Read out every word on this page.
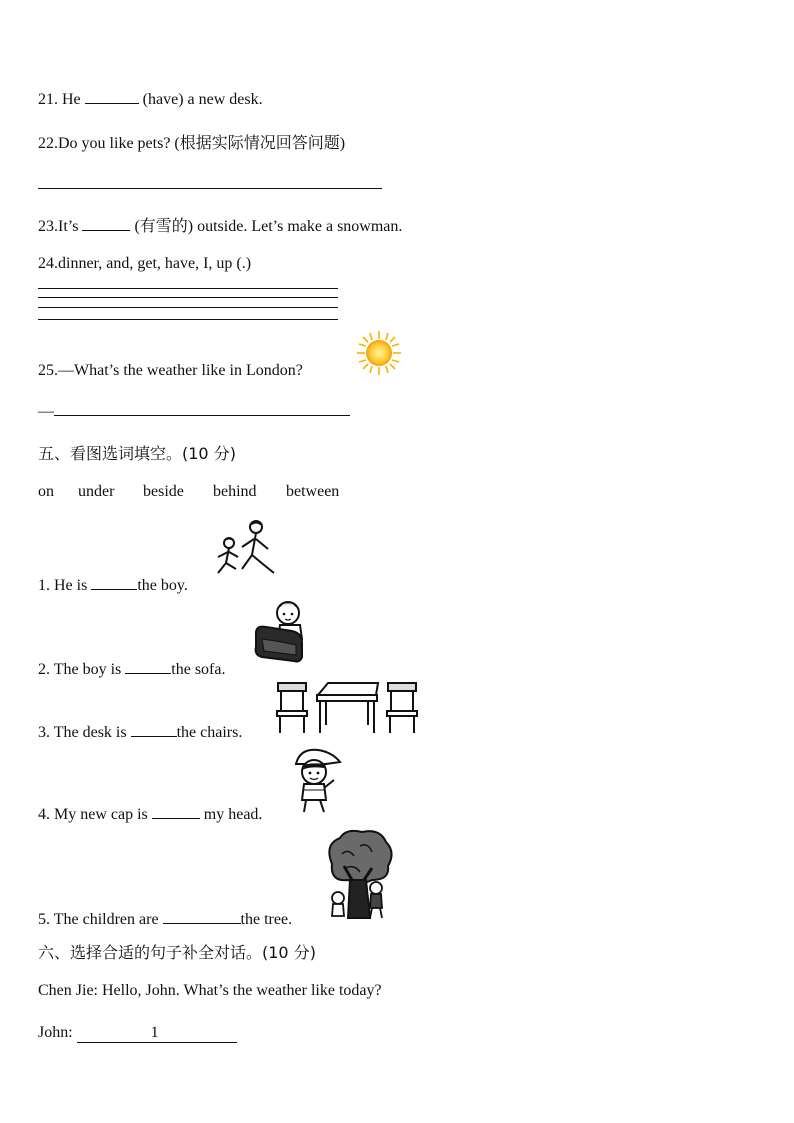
21. He	(have) a new desk.
22.Do you like pets? (根据实际情况回答问题)
23.It’s	(有雪的) outside. Let’s make a snowman.
24.dinner, and, get, have, I, up (.)
25.—What’s the weather like in London?
—
五、看图选词填空。(10 分)
on under beside behind between
1. He is	the boy.
2. The boy is	the sofa.
3. The desk is	the chairs.
4. My new cap is	my head.
5. The children are	the tree.
六、选择合适的句子补全对话。(10 分)
Chen Jie: Hello, John. What’s the weather like today?
John:	1
